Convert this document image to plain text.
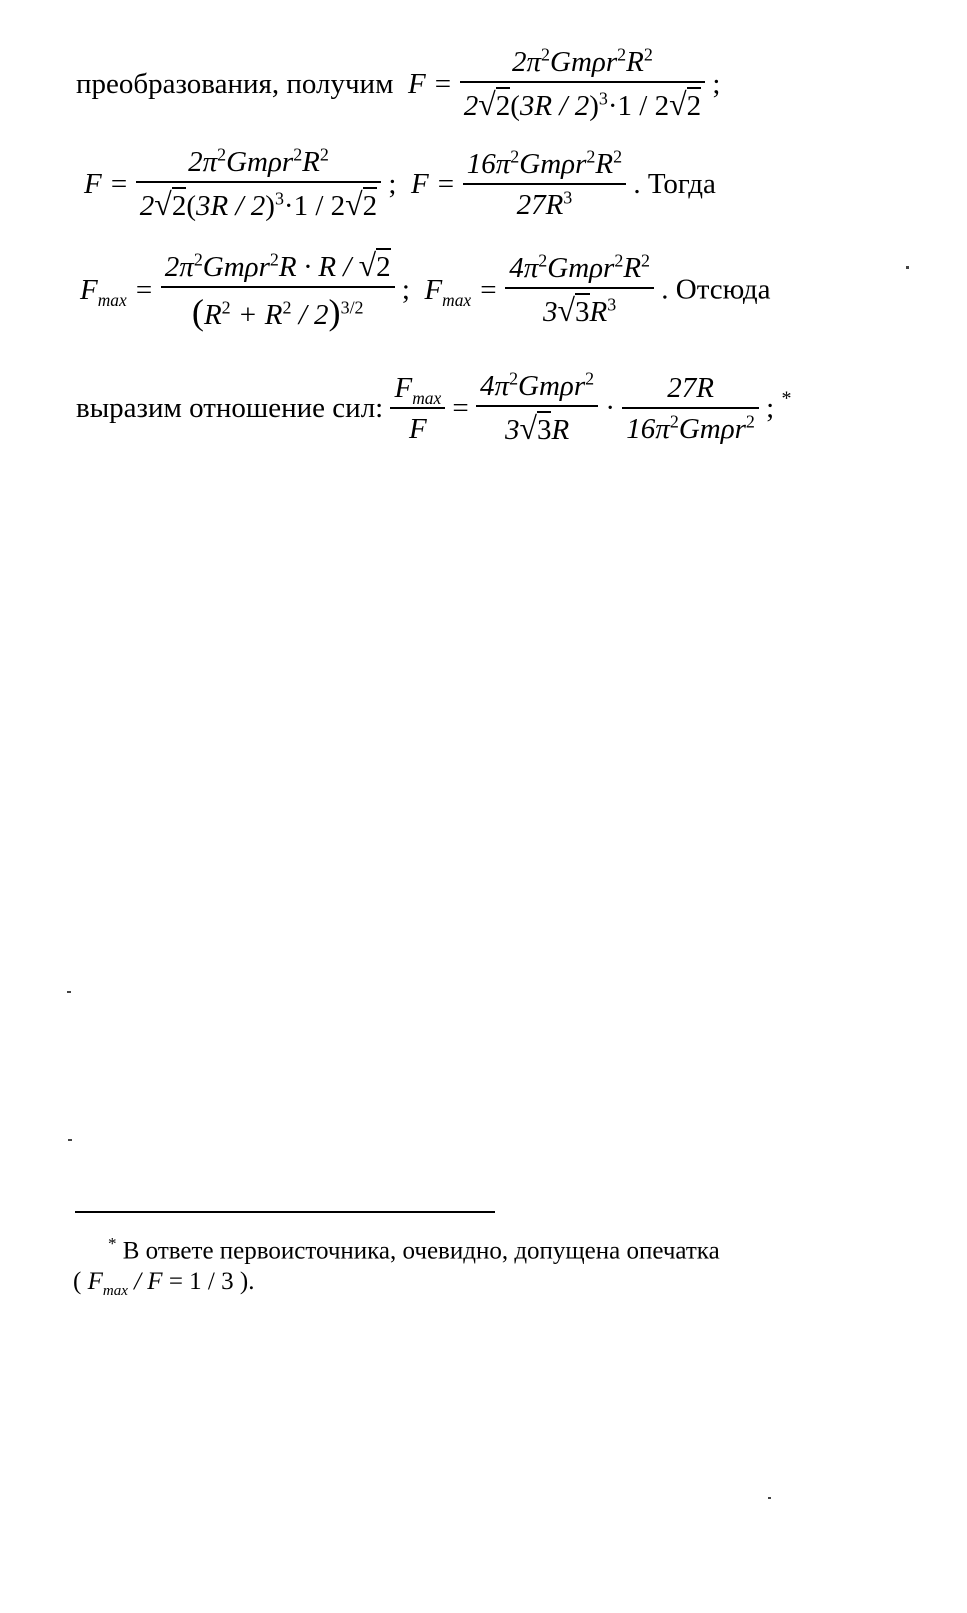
преобразования, получим  $F = \frac{2\pi^2Gm\rho r^2R^2}{2√2(3R / 2)^3\cdot 1 / 2√2}$ ;
$F = \frac{2\pi^2Gm\rho r^2R^2}{2√2(3R / 2)^3\cdot 1 / 2√2}$ ;  $F = \frac{16\pi^2Gm\rho r^2R^2}{27R^3}$ . Тогда
$F_{max} = \frac{2\pi^2Gm\rho r^2R \cdot R / √2}{(R^2 + R^2 / 2)^{3/2}}$ ;  $F_{max} = \frac{4\pi^2Gm\rho r^2R^2}{3√3R^3}$ . Отсюда
выразим отношение сил: $\frac{F_{max}}{F} = \frac{4\pi^2Gm\rho r^2}{3√3R} \cdot \frac{27R}{16\pi^2Gm\rho r^2}$ ; *
* В ответе первоисточника, очевидно, допущена опечатка
( $F_{max} / F = 1 / 3$ ).
